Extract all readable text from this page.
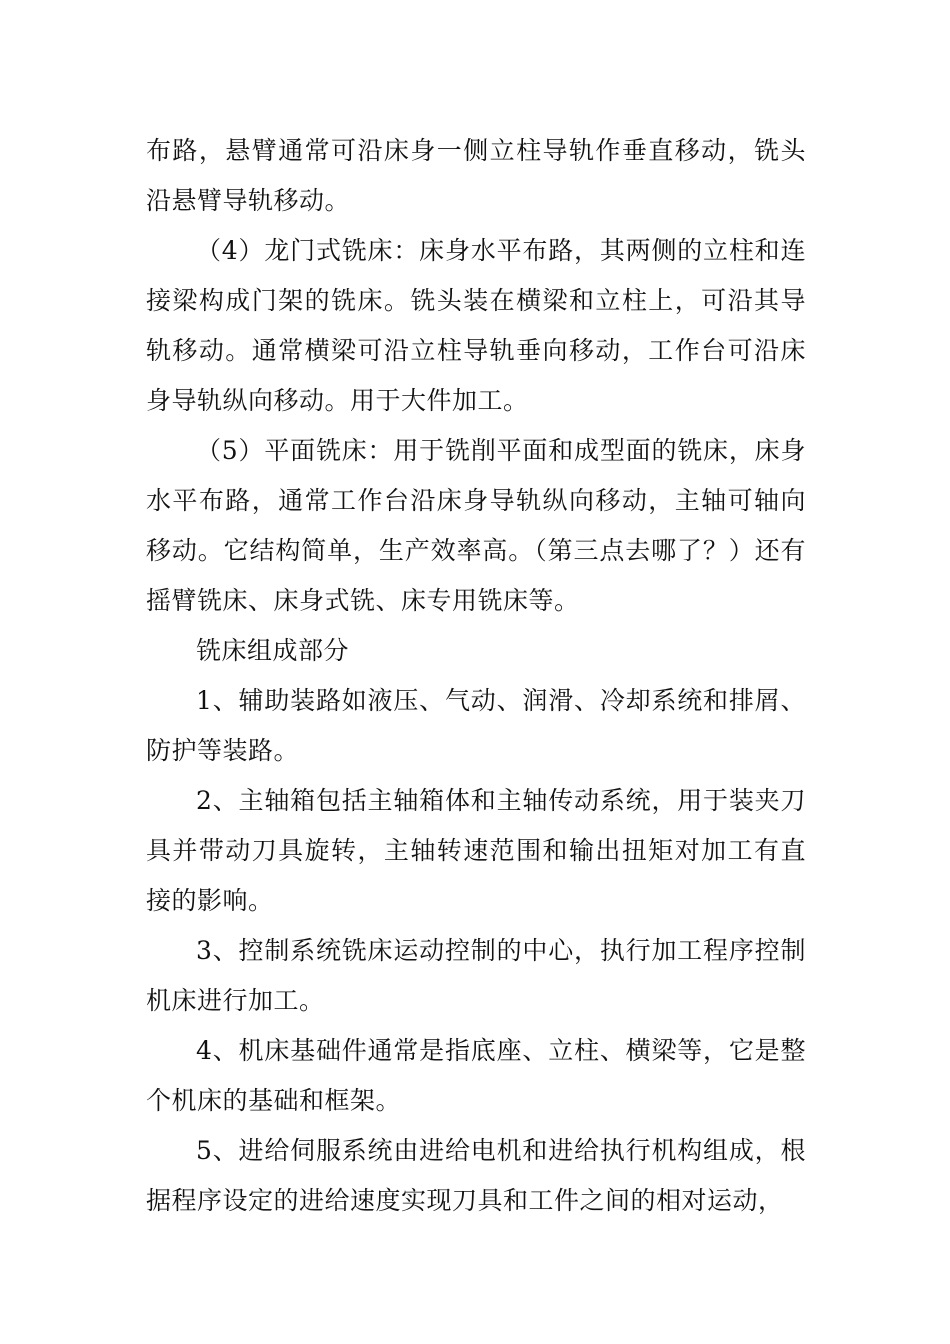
布路，悬臂通常可沿床身一侧立柱导轨作垂直移动，铣头沿悬臂导轨移动。

（4）龙门式铣床：床身水平布路，其两侧的立柱和连接梁构成门架的铣床。铣头装在横梁和立柱上，可沿其导轨移动。通常横梁可沿立柱导轨垂向移动，工作台可沿床身导轨纵向移动。用于大件加工。

（5）平面铣床：用于铣削平面和成型面的铣床，床身水平布路，通常工作台沿床身导轨纵向移动，主轴可轴向移动。它结构简单，生产效率高。（第三点去哪了？）还有摇臂铣床、床身式铣、床专用铣床等。

铣床组成部分

1、辅助装路如液压、气动、润滑、冷却系统和排屑、防护等装路。

2、主轴箱包括主轴箱体和主轴传动系统，用于装夹刀具并带动刀具旋转，主轴转速范围和输出扭矩对加工有直接的影响。

3、控制系统铣床运动控制的中心，执行加工程序控制机床进行加工。

4、机床基础件通常是指底座、立柱、横梁等，它是整个机床的基础和框架。

5、进给伺服系统由进给电机和进给执行机构组成，根据程序设定的进给速度实现刀具和工件之间的相对运动，
